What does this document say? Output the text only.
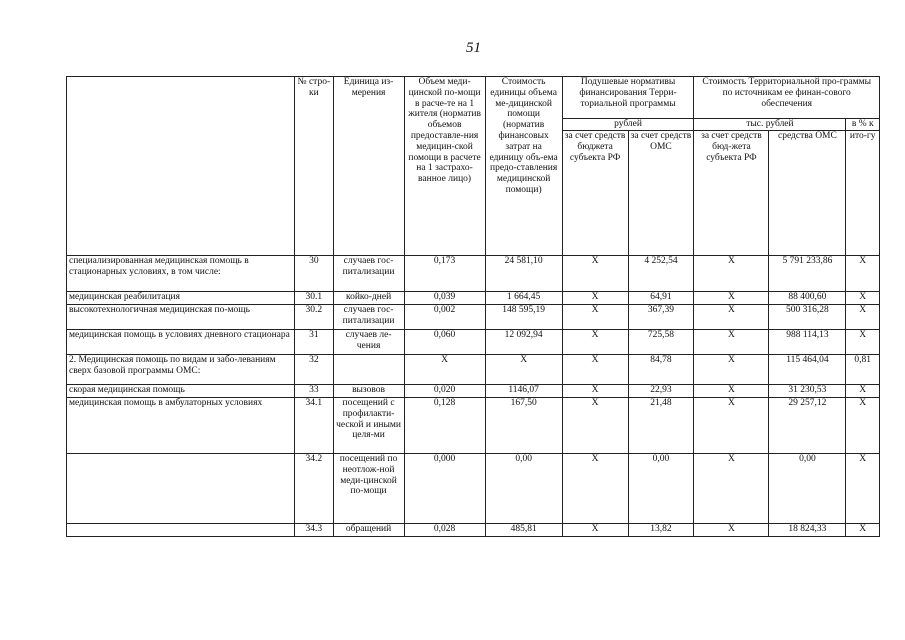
51
	№ стро-ки	Единица из-мерения	Объем меди-цинской по-мощи в расче-те на 1 жителя (норматив объемов предоставле-ния медицин-ской помощи в расчете на 1 застрахо-ванное лицо)	Стоимость единицы объема ме-дицинской помощи (норматив финансовых затрат на единицу объ-ема предо-ставления медицинской помощи)	Подушевые нормативы финансирования Терри-ториальной программы		Стоимость Территориальной про-граммы по источникам ее финан-сового обеспечения		
					рублей		тыс. рублей		в % к
					за счет средств бюджета субъекта РФ	за счет средств ОМС	за счет средств бюд-жета субъекта РФ	средства ОМС	ито-гу
специализированная медицинская помощь в стационарных условиях, в том числе:	30	случаев гос-питализации	0,173	24 581,10	Х	4 252,54	Х	5 791 233,86	Х
медицинская реабилитация	30.1	койко-дней	0,039	1 664,45	Х	64,91	Х	88 400,60	Х
высокотехнологичная медицинская по-мощь	30.2	случаев гос-питализации	0,002	148 595,19	Х	367,39	Х	500 316,28	Х
медицинская помощь в условиях дневного стационара	31	случаев ле-чения	0,060	12 092,94	Х	725,58	Х	988 114,13	Х
2. Медицинская помощь по видам и забо-леваниям сверх базовой программы ОМС:	32		Х	Х	Х	84,78	Х	115 464,04	0,81
скорая медицинская помощь	33	вызовов	0,020	1146,07	Х	22,93	Х	31 230,53	Х
медицинская помощь в амбулаторных условиях	34.1	посещений с профилакти-ческой и иными целя-ми	0,128	167,50	Х	21,48	Х	29 257,12	Х
	34.2	посещений по неотлож-ной меди-цинской по-мощи	0,000	0,00	Х	0,00	Х	0,00	Х
	34.3	обращений	0,028	485,81	Х	13,82	Х	18 824,33	Х
